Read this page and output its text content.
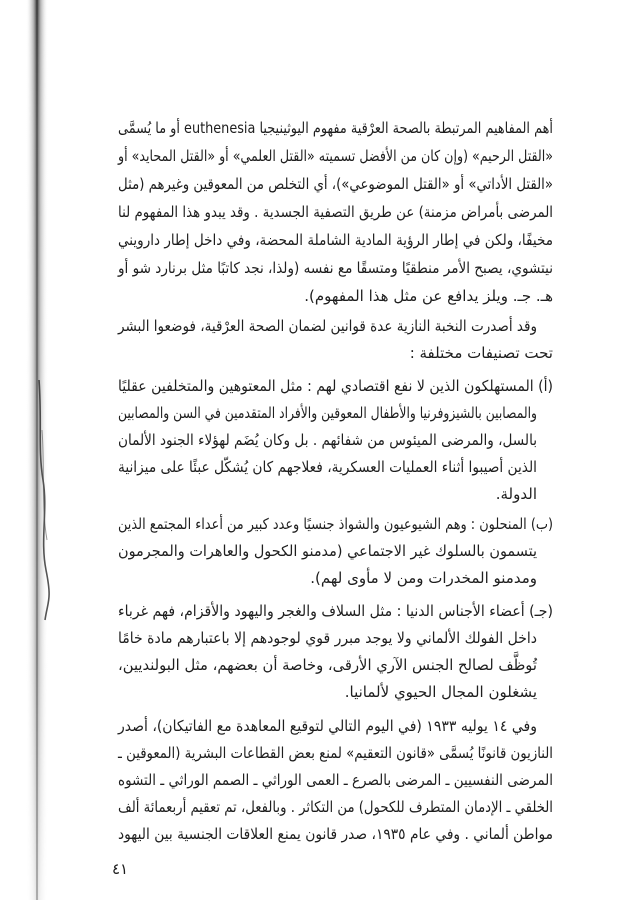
أهم المفاهيم المرتبطة بالصحة العرْقية مفهوم اليوثينيجيا euthenesia أو ما يُسمَّى
«القتل الرحيم» (وإن كان من الأفضل تسميته «القتل العلمي» أو «القتل المحايد» أو
«القتل الأداتي» أو «القتل الموضوعي»)، أي التخلص من المعوقين وغيرهم (مثل
المرضى بأمراض مزمنة) عن طريق التصفية الجسدية . وقد يبدو هذا المفهوم لنا
مخيفًا، ولكن في إطار الرؤية المادية الشاملة المحضة، وفي داخل إطار دارويني
نيتشوي، يصبح الأمر منطقيًا ومتسقًا مع نفسه (ولذا، نجد كاتبًا مثل برنارد شو أو
هـ. جـ. ويلز يدافع عن مثل هذا المفهوم).
وقد أصدرت النخبة النازية عدة قوانين لضمان الصحة العرْقية، فوضعوا البشر
تحت تصنيفات مختلفة :
(أ) المستهلكون الذين لا نفع اقتصادي لهم : مثل المعتوهين والمتخلفين عقليًا
والمصابين بالشيزوفرنيا والأطفال المعوقين والأفراد المتقدمين في السن والمصابين
بالسل، والمرضى الميئوس من شفائهم . بل وكان يُضَم لهؤلاء الجنود الألمان
الذين أصيبوا أثناء العمليات العسكرية، فعلاجهم كان يُشكّل عبئًا على ميزانية
الدولة.
(ب) المنحلون : وهم الشيوعيون والشواذ جنسيًا وعدد كبير من أعداء المجتمع الذين
يتسمون بالسلوك غير الاجتماعي (مدمنو الكحول والعاهرات والمجرمون
ومدمنو المخدرات ومن لا مأوى لهم).
(جـ) أعضاء الأجناس الدنيا : مثل السلاف والغجر واليهود والأقزام، فهم غرباء
داخل الفولك الألماني ولا يوجد مبرر قوي لوجودهم إلا باعتبارهم مادة خامًا
تُوظَّف لصالح الجنس الآري الأرقى، وخاصة أن بعضهم، مثل البولنديين،
يشغلون المجال الحيوي لألمانيا.
وفي ١٤ يوليه ١٩٣٣ (في اليوم التالي لتوقيع المعاهدة مع الفاتيكان)، أصدر
النازيون قانونًا يُسمَّى «قانون التعقيم» لمنع بعض القطاعات البشرية (المعوقين ـ
المرضى النفسيين ـ المرضى بالصرع ـ العمى الوراثي ـ الصمم الوراثي ـ التشوه
الخلقي ـ الإدمان المتطرف للكحول) من التكاثر . وبالفعل، تم تعقيم أربعمائة ألف
مواطن ألماني . وفي عام ١٩٣٥، صدر قانون يمنع العلاقات الجنسية بين اليهود
٤١
